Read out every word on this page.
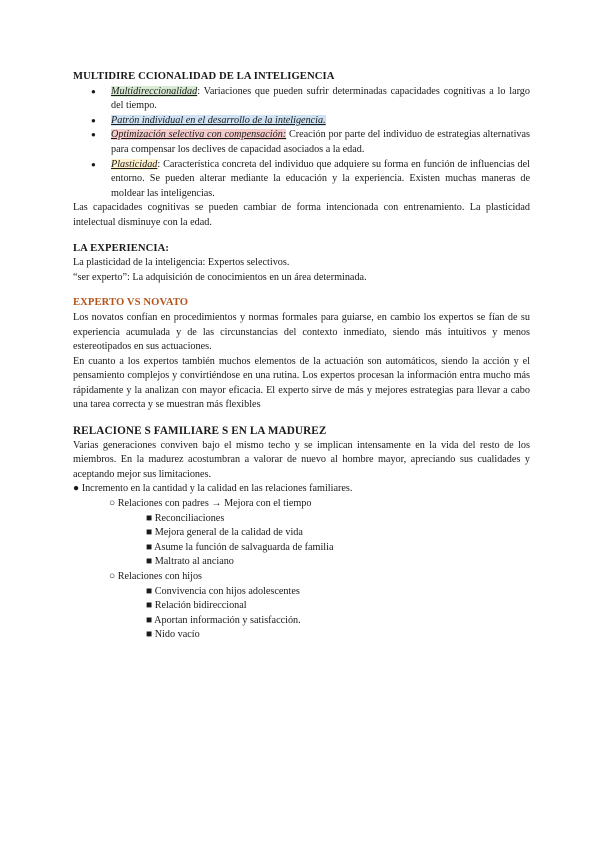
MULTIDIRE CCIONALIDAD DE LA INTELIGENCIA
● Multidireccionalidad: Variaciones que pueden sufrir determinadas capacidades cognitivas a lo largo del tiempo.
● Patrón individual en el desarrollo de la inteligencia.
● Optimización selectiva con compensación: Creación por parte del individuo de estrategias alternativas para compensar los declives de capacidad asociados a la edad.
● Plasticidad: Característica concreta del individuo que adquiere su forma en función de influencias del entorno. Se pueden alterar mediante la educación y la experiencia. Existen muchas maneras de moldear las inteligencias.

Las capacidades cognitivas se pueden cambiar de forma intencionada con entrenamiento. La plasticidad intelectual disminuye con la edad.

LA EXPERIENCIA:

La plasticidad de la inteligencia: Expertos selectivos.

“ser experto”: La adquisición de conocimientos en un área determinada.

EXPERTO VS NOVATO

Los novatos confían en procedimientos y normas formales para guiarse, en cambio los expertos se fían de su experiencia acumulada y de las circunstancias del contexto inmediato, siendo más intuitivos y menos estereotipados en sus actuaciones.

En cuanto a los expertos también muchos elementos de la actuación son automáticos, siendo la acción y el pensamiento complejos y convirtiéndose en una rutina. Los expertos procesan la información entra mucho más rápidamente y la analizan con mayor eficacia. El experto sirve de más y mejores estrategias para llevar a cabo una tarea correcta y se muestran más flexibles

RELACIONE S FAMILIARE S EN LA MADUREZ

Varias generaciones conviven bajo el mismo techo y se implican intensamente en la vida del resto de los miembros. En la madurez acostumbran a valorar de nuevo al hombre mayor, apreciando sus cualidades y aceptando mejor sus limitaciones.

● Incremento en la cantidad y la calidad en las relaciones familiares.
○ Relaciones con padres → Mejora con el tiempo
■ Reconciliaciones
■ Mejora general de la calidad de vida
■ Asume la función de salvaguarda de familia
■ Maltrato al anciano
○ Relaciones con hijos
■ Convivencia con hijos adolescentes
■ Relación bidireccional
■ Aportan información y satisfacción.
■ Nido vacío
